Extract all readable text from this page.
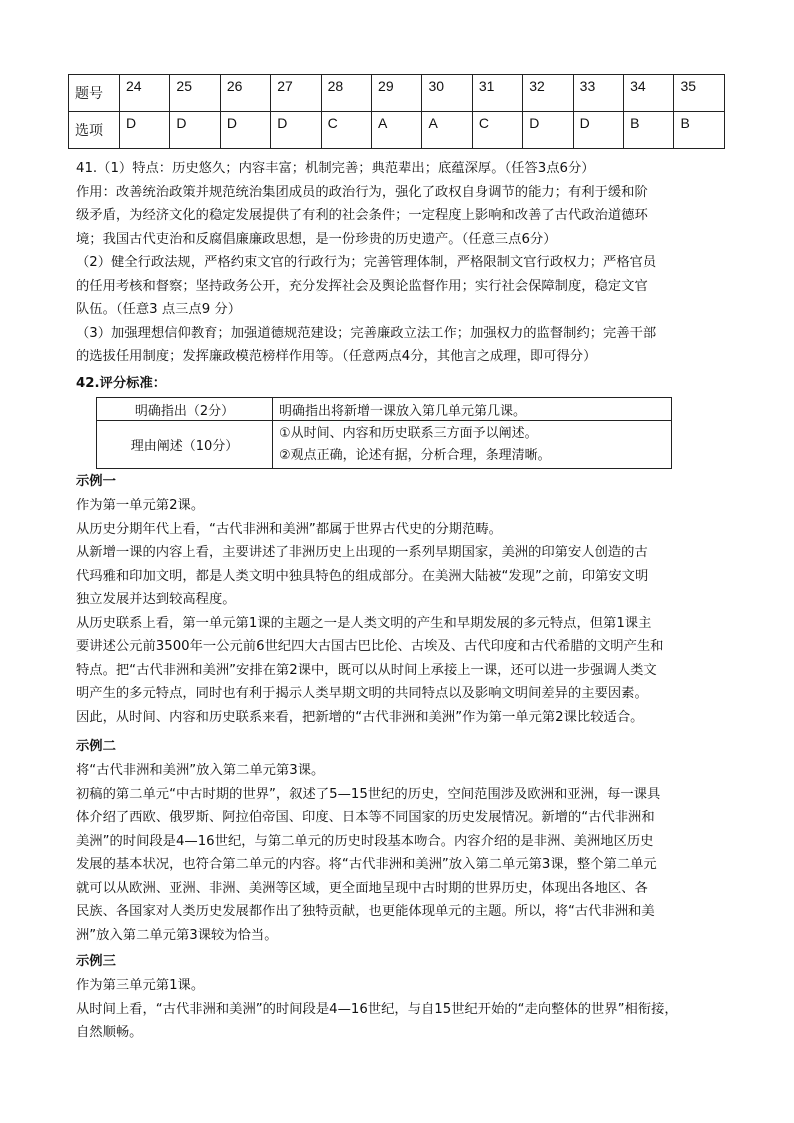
题号	24	25	26	27	28	29	30	31	32	33	34	35
选项	D	D	D	D	C	A	A	C	D	D	B	B

41.（1）特点：历史悠久；内容丰富；机制完善；典范辈出；底蕴深厚。（任答3点6分）

作用：改善统治政策并规范统治集团成员的政治行为，强化了政权自身调节的能力；有利于缓和阶

级矛盾，为经济文化的稳定发展提供了有利的社会条件；一定程度上影响和改善了古代政治道德环

境；我国古代吏治和反腐倡廉廉政思想，是一份珍贵的历史遗产。（任意三点6分）

（2）健全行政法规，严格约束文官的行政行为；完善管理体制，严格限制文官行政权力；严格官员

的任用考核和督察；坚持政务公开，充分发挥社会及舆论监督作用；实行社会保障制度，稳定文官

队伍。（任意3 点三点9 分）

（3）加强理想信仰教育；加强道德规范建设；完善廉政立法工作；加强权力的监督制约；完善干部

的选拔任用制度；发挥廉政模范榜样作用等。（任意两点4分，其他言之成理，即可得分）

42.评分标准：
明确指出（2分）	明确指出将新增一课放入第几单元第几课。
理由阐述（10分）	①从时间、内容和历史联系三方面予以阐述。
②观点正确，论述有据，分析合理，条理清晰。
示例一

作为第一单元第2课。

从历史分期年代上看，“古代非洲和美洲”都属于世界古代史的分期范畴。

从新增一课的内容上看，主要讲述了非洲历史上出现的一系列早期国家，美洲的印第安人创造的古

代玛雅和印加文明，都是人类文明中独具特色的组成部分。在美洲大陆被“发现”之前，印第安文明

独立发展并达到较高程度。

从历史联系上看，第一单元第1课的主题之一是人类文明的产生和早期发展的多元特点，但第1课主

要讲述公元前3500年一公元前6世纪四大古国古巴比伦、古埃及、古代印度和古代希腊的文明产生和

特点。把“古代非洲和美洲”安排在第2课中，既可以从时间上承接上一课，还可以进一步强调人类文

明产生的多元特点，同时也有利于揭示人类早期文明的共同特点以及影响文明间差异的主要因素。

因此，从时间、内容和历史联系来看，把新增的“古代非洲和美洲”作为第一单元第2课比较适合。

示例二

将“古代非洲和美洲”放入第二单元第3课。

初稿的第二单元“中古时期的世界”，叙述了5—15世纪的历史，空间范围涉及欧洲和亚洲，每一课具

体介绍了西欧、俄罗斯、阿拉伯帝国、印度、日本等不同国家的历史发展情况。新增的“古代非洲和

美洲”的时间段是4—16世纪，与第二单元的历史时段基本吻合。内容介绍的是非洲、美洲地区历史

发展的基本状况，也符合第二单元的内容。将“古代非洲和美洲”放入第二单元第3课，整个第二单元

就可以从欧洲、亚洲、非洲、美洲等区域，更全面地呈现中古时期的世界历史，体现出各地区、各

民族、各国家对人类历史发展都作出了独特贡献，也更能体现单元的主题。所以，将“古代非洲和美

洲”放入第二单元第3课较为恰当。

示例三

作为第三单元第1课。

从时间上看，“古代非洲和美洲”的时间段是4—16世纪，与自15世纪开始的“走向整体的世界”相衔接，

自然顺畅。
